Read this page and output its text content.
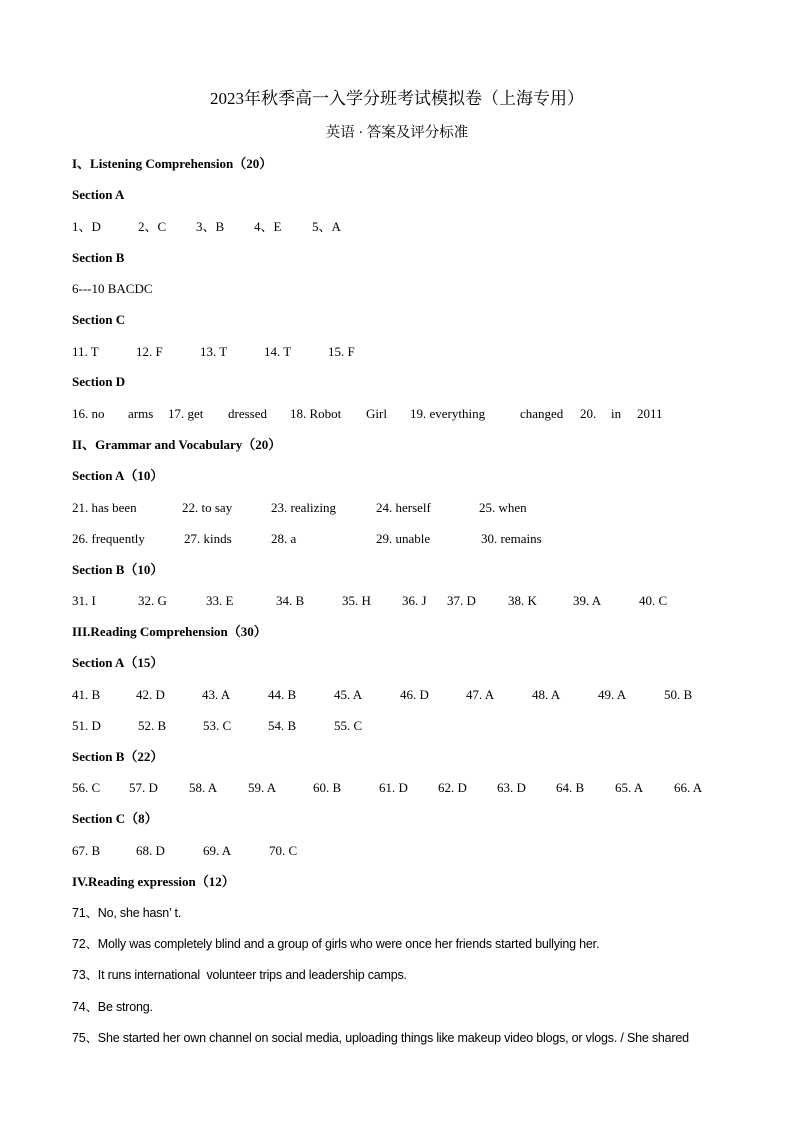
2023年秋季高一入学分班考试模拟卷（上海专用）
英语 · 答案及评分标准
I、Listening Comprehension（20）
Section A
1、D	2、C 3、B 4、E 5、A
Section B
6---10 BACDC
Section C
11. T	12. F	13. T	14. T	15. F
Section D
16. no arms 17. get dressed 18. Robot Girl 19. everything	changed 20. in 2011
II、Grammar and Vocabulary（20）
Section A（10）
21. has been	22. to say	23. realizing	24. herself	25. when
26. frequently	27. kinds	28. a	29. unable	30. remains
Section B（10）
31. I	32. G	33. E	34. B	35. H 36. J 37. D 38. K	39. A	40. C
III.Reading Comprehension（30）
Section A（15）
41. B	42. D	43. A	44. B	45. A	46. D	47. A	48. A	49. A	50. B
51. D	52. B	53. C	54. B	55. C
Section B（22）
56. C 57. D 58. A 59. A	60. B	61. D 62. D 63. D 64. B 65. A 66. A
Section C（8）
67. B	68. D	69. A	70. C
IV.Reading expression（12）
71、No, she hasn’ t.
72、Molly was completely blind and a group of girls who were once her friends started bullying her.
73、It runs international  volunteer trips and leadership camps.
74、Be strong.
75、She started her own channel on social media, uploading things like makeup video blogs, or vlogs. / She shared
